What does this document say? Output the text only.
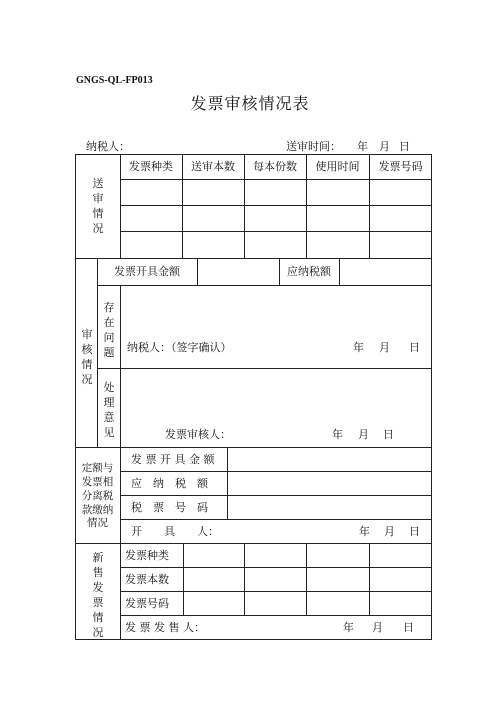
GNGS-QL-FP013
发票审核情况表
纳税人：	送审时间： 年 月 日
送审情况
发票种类	送审本数	每本份数	使用时间	发票号码
审核情况
发票开具金额	应纳税额
存在问题 纳税人：（签字确认）	年 月 日
处理意见	发票审核人：	年 月 日
定额与
发票相
分离税
款缴纳
情况
发 票 开 具 金 额
应　纳　税　额
税　票　号　码
开　　具　　人：	年 月 日
新售发票情况
发票种类
发票本数
发票号码
发 票 发 售 人：	年 月 日
